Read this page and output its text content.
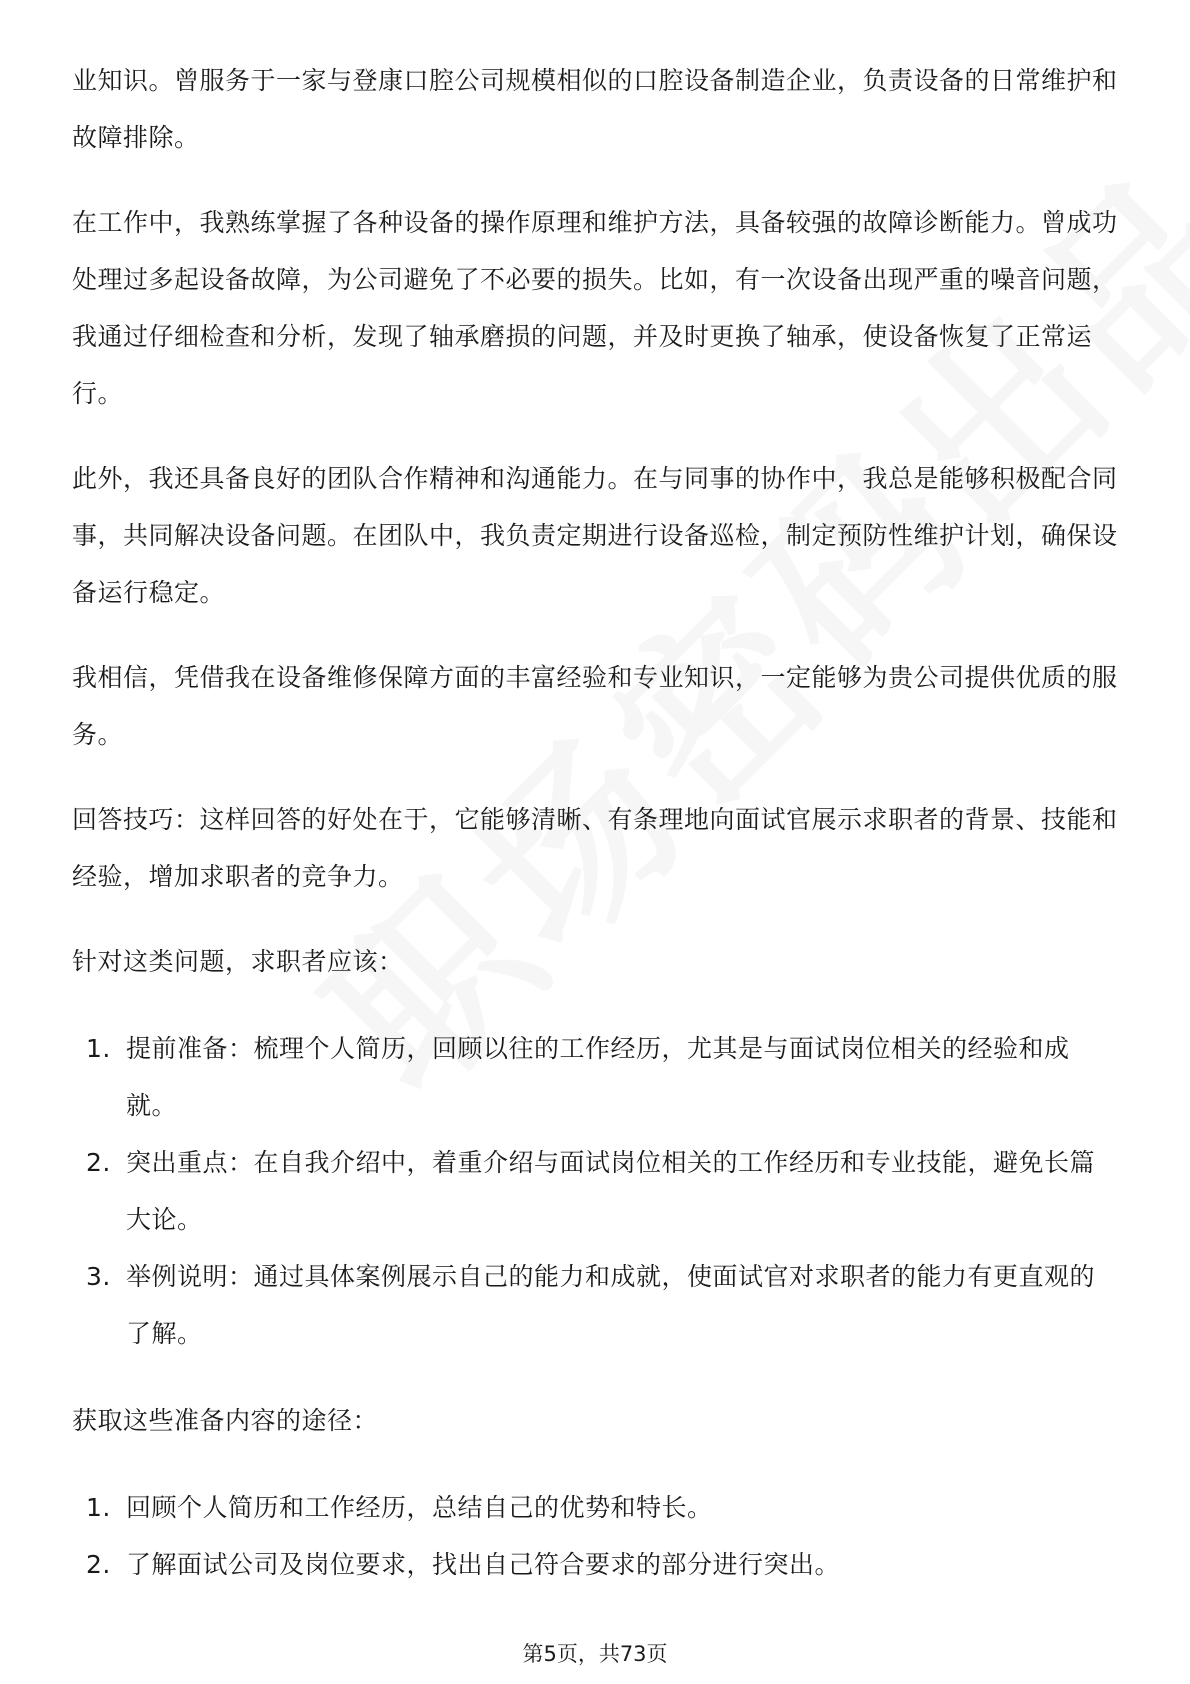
业知识。曾服务于一家与登康口腔公司规模相似的口腔设备制造企业，负责设备的日常维护和故障排除。

在工作中，我熟练掌握了各种设备的操作原理和维护方法，具备较强的故障诊断能力。曾成功处理过多起设备故障，为公司避免了不必要的损失。比如，有一次设备出现严重的噪音问题，我通过仔细检查和分析，发现了轴承磨损的问题，并及时更换了轴承，使设备恢复了正常运行。

此外，我还具备良好的团队合作精神和沟通能力。在与同事的协作中，我总是能够积极配合同事，共同解决设备问题。在团队中，我负责定期进行设备巡检，制定预防性维护计划，确保设备运行稳定。

我相信，凭借我在设备维修保障方面的丰富经验和专业知识，一定能够为贵公司提供优质的服务。

回答技巧：这样回答的好处在于，它能够清晰、有条理地向面试官展示求职者的背景、技能和经验，增加求职者的竞争力。

针对这类问题，求职者应该：

1. 提前准备：梳理个人简历，回顾以往的工作经历，尤其是与面试岗位相关的经验和成就。
2. 突出重点：在自我介绍中，着重介绍与面试岗位相关的工作经历和专业技能，避免长篇大论。
3. 举例说明：通过具体案例展示自己的能力和成就，使面试官对求职者的能力有更直观的了解。

获取这些准备内容的途径：

1. 回顾个人简历和工作经历，总结自己的优势和特长。
2. 了解面试公司及岗位要求，找出自己符合要求的部分进行突出。
第5页，共73页
